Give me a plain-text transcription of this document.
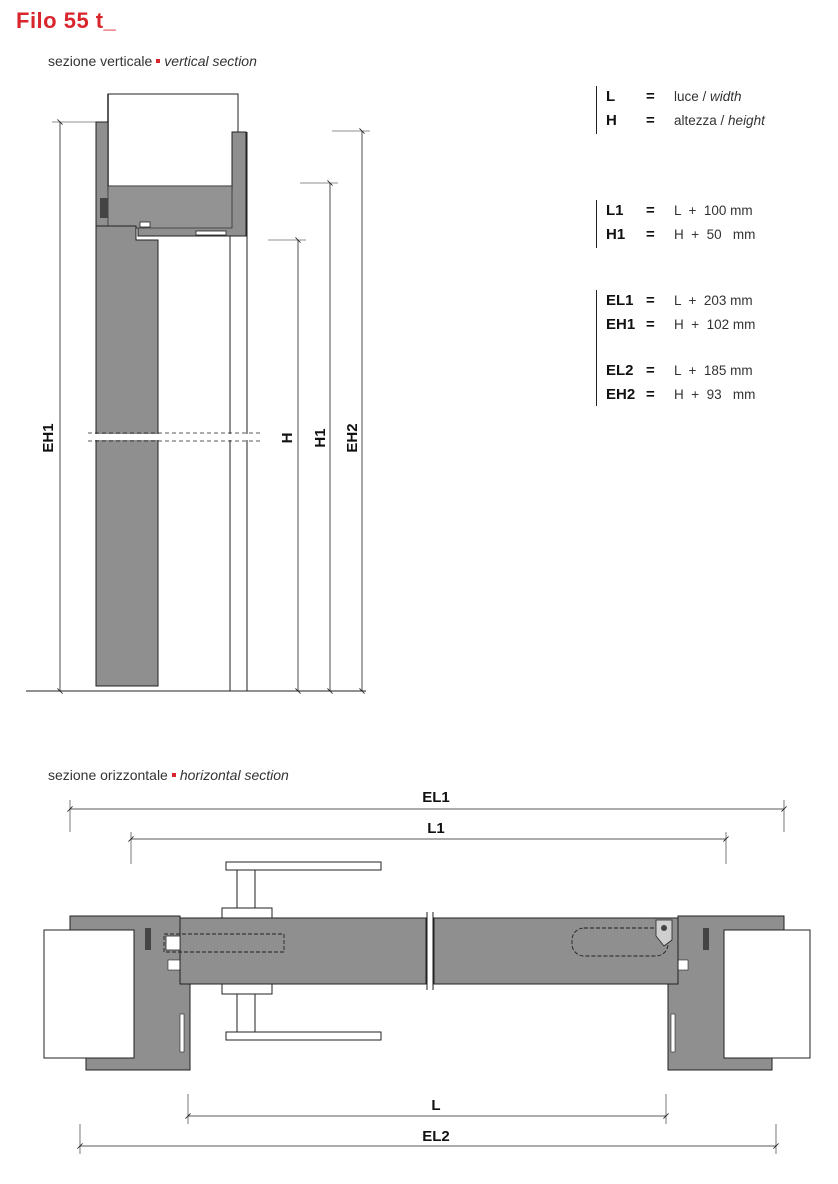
Filo 55 t_
sezione verticale vertical section
sezione orizzontale horizontal section
L = luce / width
H = altezza / height
L1 = L  +  100 mm
H1 = H  +  50   mm
EL1 = L  +  203 mm
EH1 = H  +  102 mm
EL2 = L  +  185 mm
EH2 = H  +  93   mm
EH1	H H1 EH2
EL1
L1
L
EL2
